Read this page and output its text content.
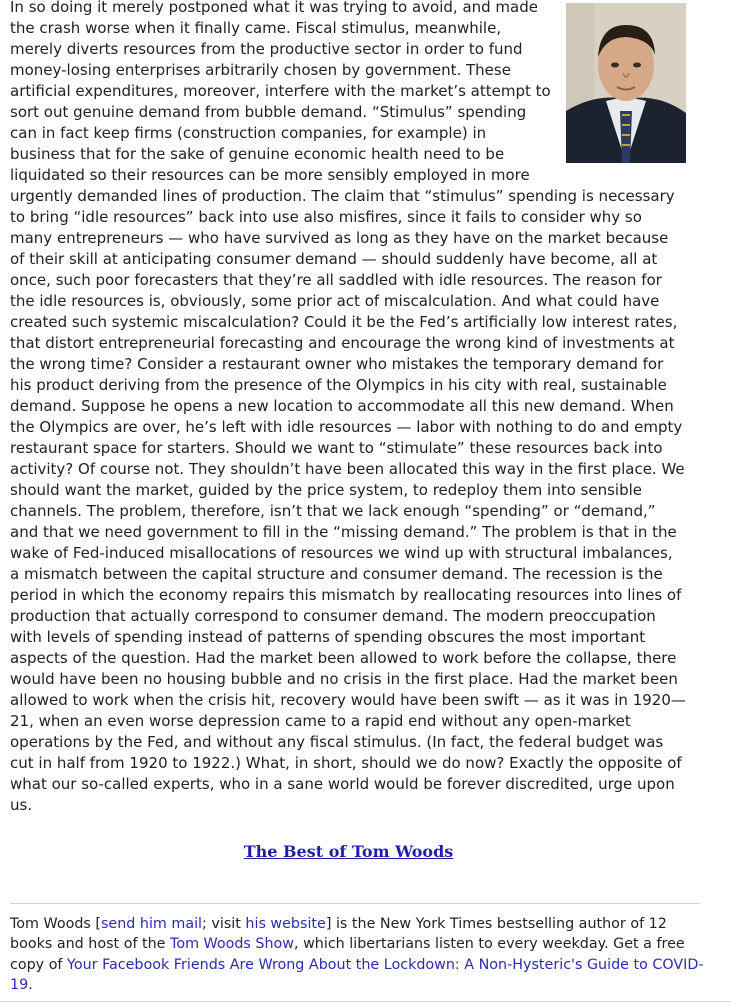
In so doing it merely postponed what it was trying to avoid, and made the crash worse when it finally came. Fiscal stimulus, meanwhile, merely diverts resources from the productive sector in order to fund money-losing enterprises arbitrarily chosen by government. These artificial expenditures, moreover, interfere with the market’s attempt to sort out genuine demand from bubble demand. “Stimulus” spending can in fact keep firms (construction companies, for example) in business that for the sake of genuine economic health need to be liquidated so their resources can be more sensibly employed in more urgently demanded lines of production. The claim that “stimulus” spending is necessary to bring “idle resources” back into use also misfires, since it fails to consider why so many entrepreneurs — who have survived as long as they have on the market because of their skill at anticipating consumer demand — should suddenly have become, all at once, such poor forecasters that they’re all saddled with idle resources. The reason for the idle resources is, obviously, some prior act of miscalculation. And what could have created such systemic miscalculation? Could it be the Fed’s artificially low interest rates, that distort entrepreneurial forecasting and encourage the wrong kind of investments at the wrong time? Consider a restaurant owner who mistakes the temporary demand for his product deriving from the presence of the Olympics in his city with real, sustainable demand. Suppose he opens a new location to accommodate all this new demand. When the Olympics are over, he’s left with idle resources — labor with nothing to do and empty restaurant space for starters. Should we want to “stimulate” these resources back into activity? Of course not. They shouldn’t have been allocated this way in the first place. We should want the market, guided by the price system, to redeploy them into sensible channels. The problem, therefore, isn’t that we lack enough “spending” or “demand,” and that we need government to fill in the “missing demand.” The problem is that in the wake of Fed-induced misallocations of resources we wind up with structural imbalances, a mismatch between the capital structure and consumer demand. The recession is the period in which the economy repairs this mismatch by reallocating resources into lines of production that actually correspond to consumer demand. The modern preoccupation with levels of spending instead of patterns of spending obscures the most important aspects of the question. Had the market been allowed to work before the collapse, there would have been no housing bubble and no crisis in the first place. Had the market been allowed to work when the crisis hit, recovery would have been swift — as it was in 1920—21, when an even worse depression came to a rapid end without any open-market operations by the Fed, and without any fiscal stimulus. (In fact, the federal budget was cut in half from 1920 to 1922.) What, in short, should we do now? Exactly the opposite of what our so-called experts, who in a sane world would be forever discredited, urge upon us.

The Best of Tom Woods

Tom Woods [send him mail; visit his website] is the New York Times bestselling author of 12 books and host of the Tom Woods Show, which libertarians listen to every weekday. Get a free copy of Your Facebook Friends Are Wrong About the Lockdown: A Non-Hysteric's Guide to COVID-19.
